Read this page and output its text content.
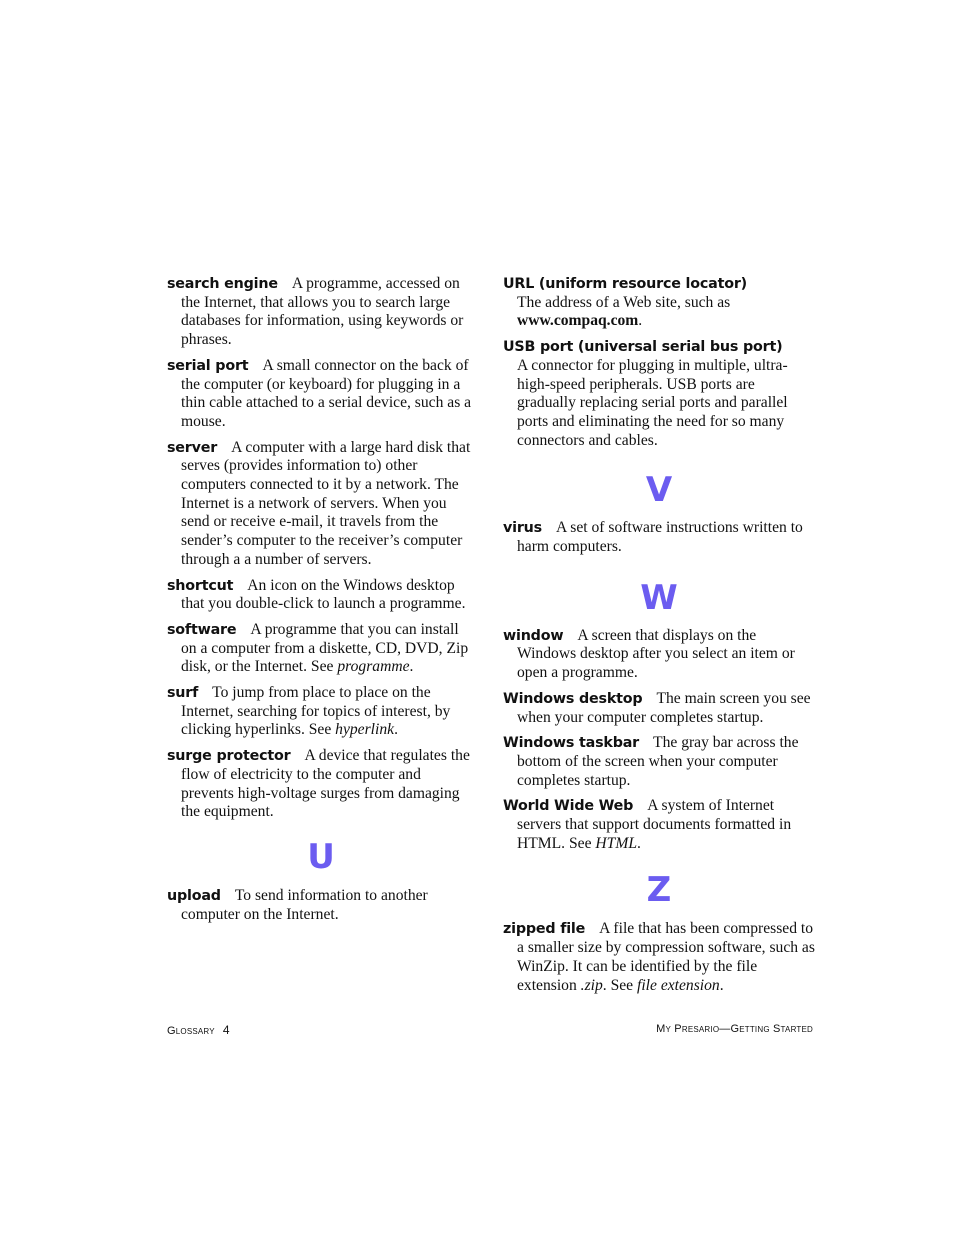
search engine A programme, accessed on the Internet, that allows you to search large databases for information, using keywords or phrases.

serial port A small connector on the back of the computer (or keyboard) for plugging in a thin cable attached to a serial device, such as a mouse.

server A computer with a large hard disk that serves (provides information to) other computers connected to it by a network. The Internet is a network of servers. When you send or receive e-mail, it travels from the sender’s computer to the receiver’s computer through a a number of servers.

shortcut An icon on the Windows desktop that you double-click to launch a programme.

software A programme that you can install on a computer from a diskette, CD, DVD, Zip disk, or the Internet. See programme.

surf To jump from place to place on the Internet, searching for topics of interest, by clicking hyperlinks. See hyperlink.

surge protector A device that regulates the flow of electricity to the computer and prevents high-voltage surges from damaging the equipment.

U

upload To send information to another computer on the Internet.

URL (uniform resource locator)
The address of a Web site, such as www.compaq.com.

USB port (universal serial bus port)
A connector for plugging in multiple, ultra-high-speed peripherals. USB ports are gradually replacing serial ports and parallel ports and eliminating the need for so many connectors and cables.

V

virus A set of software instructions written to harm computers.

W

window A screen that displays on the Windows desktop after you select an item or open a programme.

Windows desktop The main screen you see when your computer completes startup.

Windows taskbar The gray bar across the bottom of the screen when your computer completes startup.

World Wide Web A system of Internet servers that support documents formatted in HTML. See HTML.

Z

zipped file A file that has been compressed to a smaller size by compression software, such as WinZip. It can be identified by the file extension .zip. See file extension.

Glossary 4	My Presario—Getting Started
